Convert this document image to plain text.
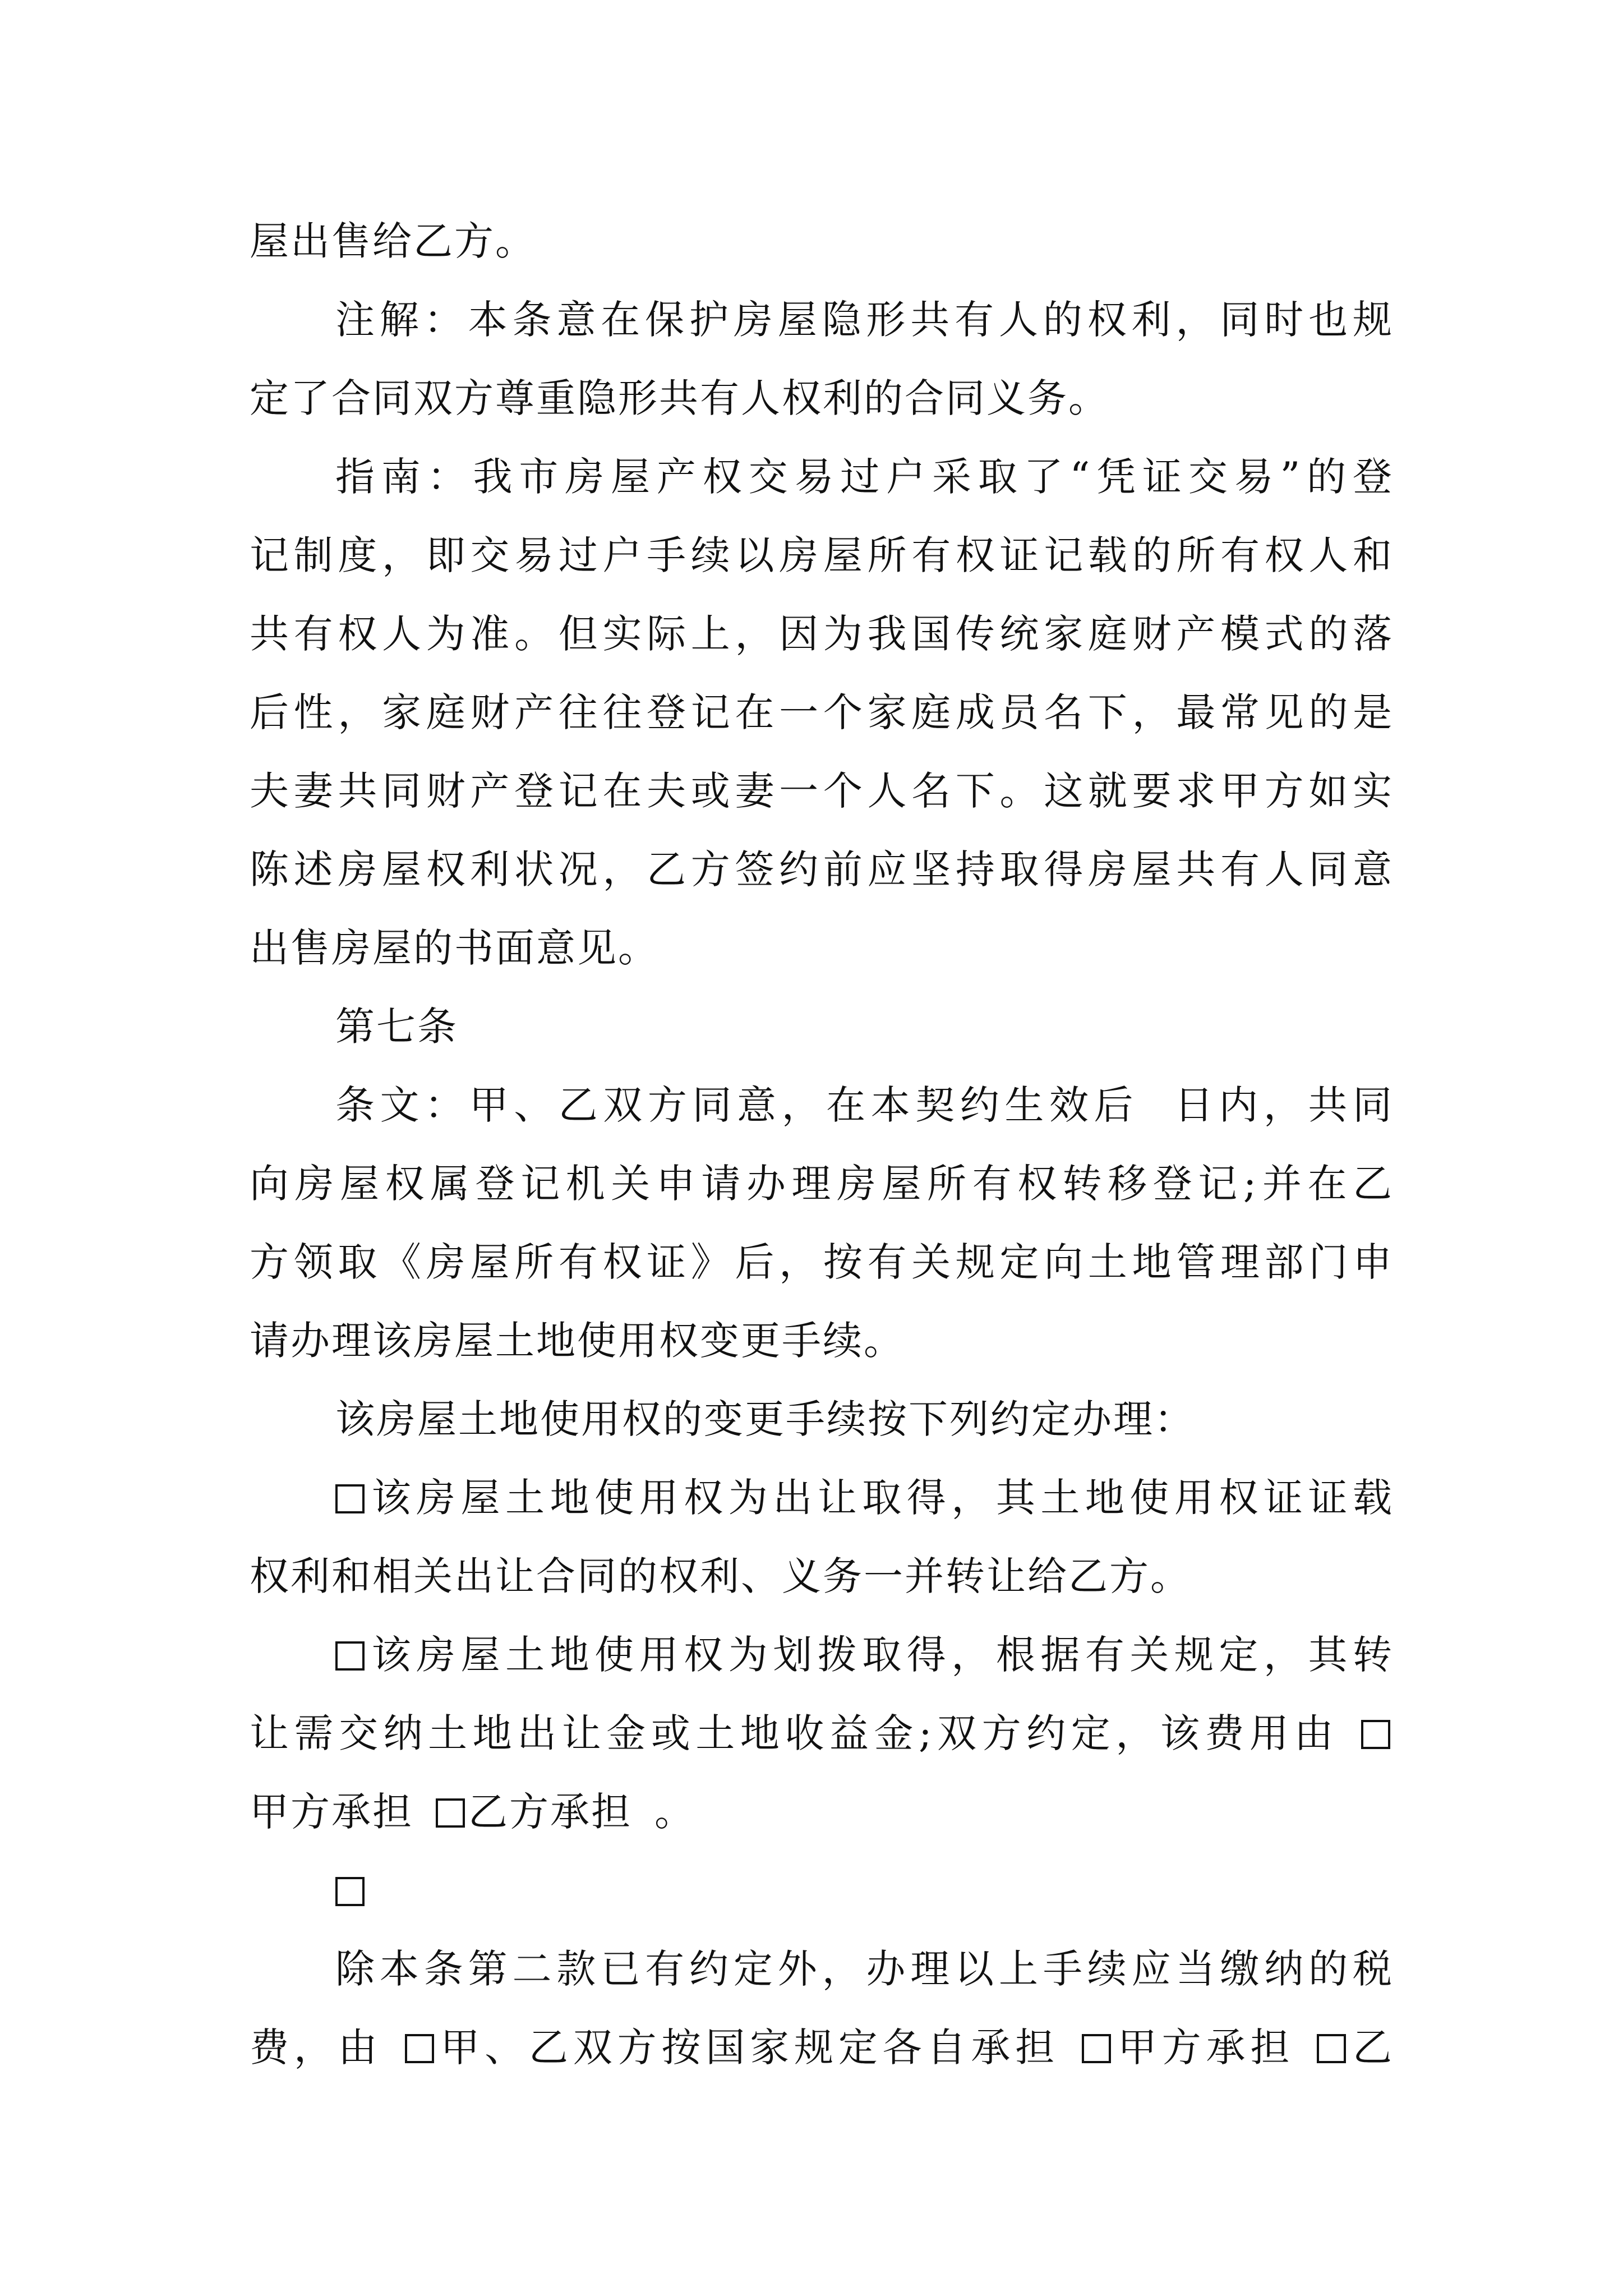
屋出售给乙方。
注解：本条意在保护房屋隐形共有人的权利，同时也规
定了合同双方尊重隐形共有人权利的合同义务。
指南：我市房屋产权交易过户采取了“凭证交易”的登
记制度，即交易过户手续以房屋所有权证记载的所有权人和
共有权人为准。但实际上，因为我国传统家庭财产模式的落
后性，家庭财产往往登记在一个家庭成员名下，最常见的是
夫妻共同财产登记在夫或妻一个人名下。这就要求甲方如实
陈述房屋权利状况，乙方签约前应坚持取得房屋共有人同意
出售房屋的书面意见。
第七条
条文：甲、乙双方同意，在本契约生效后  日内，共同
向房屋权属登记机关申请办理房屋所有权转移登记;并在乙
方领取《房屋所有权证》后，按有关规定向土地管理部门申
请办理该房屋土地使用权变更手续。
该房屋土地使用权的变更手续按下列约定办理：
该房屋土地使用权为出让取得，其土地使用权证证载
权利和相关出让合同的权利、义务一并转让给乙方。
该房屋土地使用权为划拨取得，根据有关规定，其转
让需交纳土地出让金或土地收益金;双方约定，该费用由
甲方承担 乙方承担 。
除本条第二款已有约定外，办理以上手续应当缴纳的税
费，由 甲、乙双方按国家规定各自承担 甲方承担 乙
